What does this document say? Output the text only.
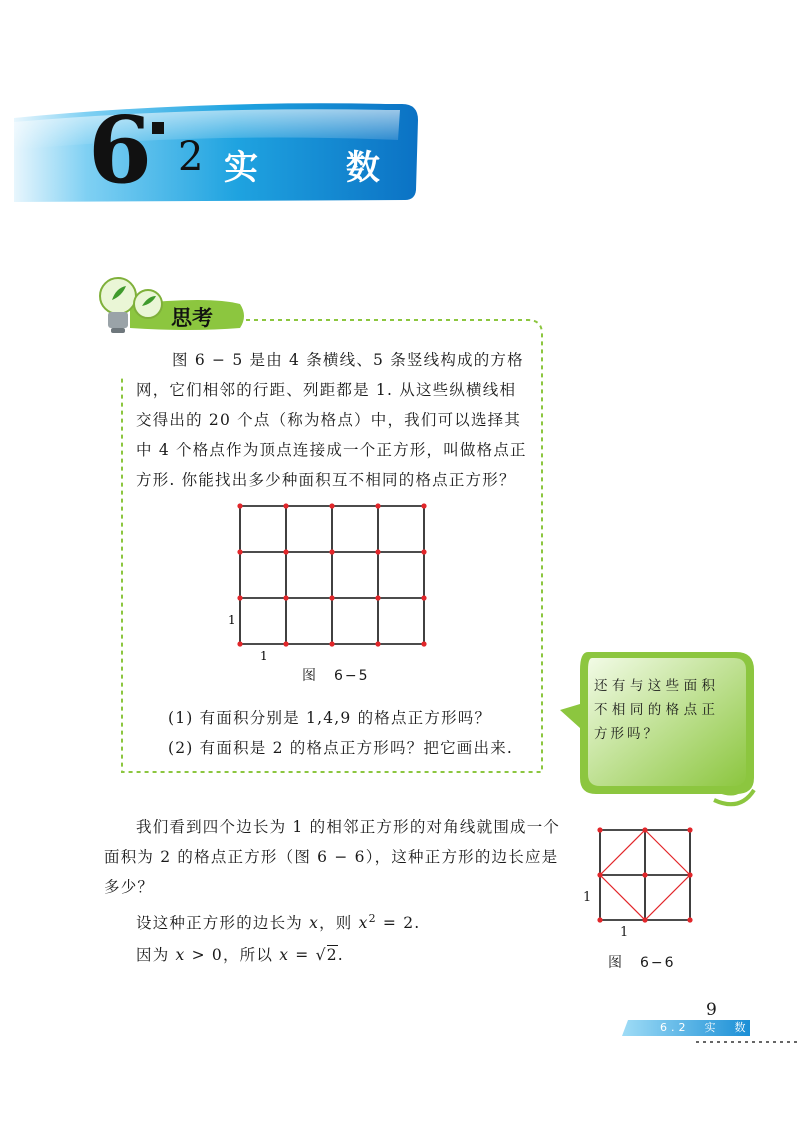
6 2 实 数
思考
图 6 − 5 是由 4 条横线、5 条竖线构成的方格网，它们相邻的行距、列距都是 1. 从这些纵横线相交得出的 20 个点（称为格点）中，我们可以选择其中 4 个格点作为顶点连接成一个正方形，叫做格点正方形. 你能找出多少种面积互不相同的格点正方形？
1
1
图　6−5
(1) 有面积分别是 1,4,9 的格点正方形吗？
(2) 有面积是 2 的格点正方形吗？把它画出来.
还有与这些面积不相同的格点正方形吗？
我们看到四个边长为 1 的相邻正方形的对角线就围成一个面积为 2 的格点正方形（图 6 − 6），这种正方形的边长应是多少？
设这种正方形的边长为 x，则 $x^2 = 2$.
因为 x > 0，所以 x = √2.
1
1
图　6−6
9
6.2　实　数
